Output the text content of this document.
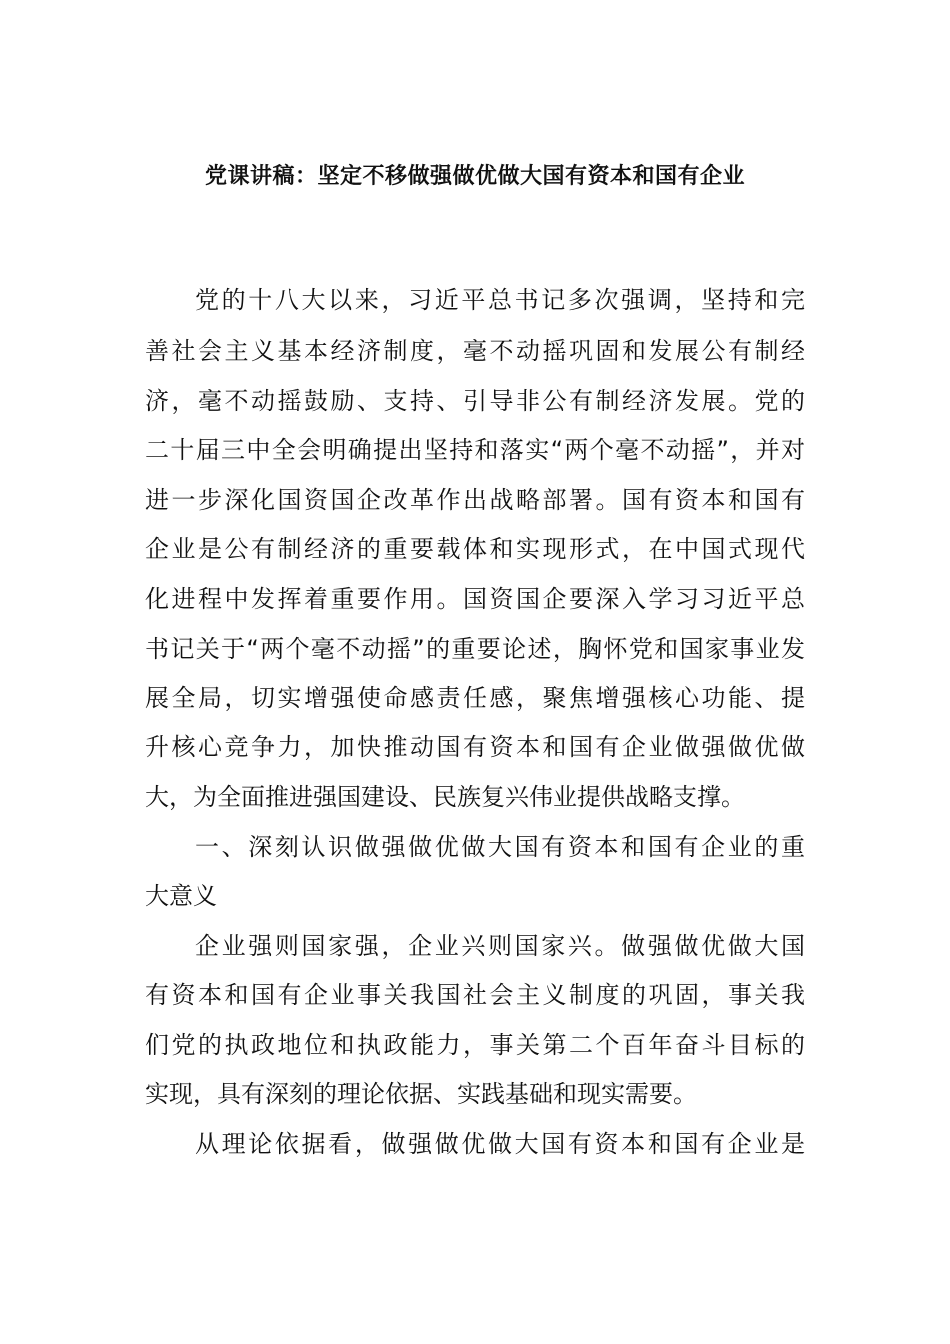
党课讲稿：坚定不移做强做优做大国有资本和国有企业

党的十八大以来，习近平总书记多次强调，坚持和完

善社会主义基本经济制度，毫不动摇巩固和发展公有制经

济，毫不动摇鼓励、支持、引导非公有制经济发展。党的

二十届三中全会明确提出坚持和落实“两个毫不动摇”，并对

进一步深化国资国企改革作出战略部署。国有资本和国有

企业是公有制经济的重要载体和实现形式，在中国式现代

化进程中发挥着重要作用。国资国企要深入学习习近平总

书记关于“两个毫不动摇”的重要论述，胸怀党和国家事业发

展全局，切实增强使命感责任感，聚焦增强核心功能、提

升核心竞争力，加快推动国有资本和国有企业做强做优做

大，为全面推进强国建设、民族复兴伟业提供战略支撑。

一、深刻认识做强做优做大国有资本和国有企业的重

大意义

企业强则国家强，企业兴则国家兴。做强做优做大国

有资本和国有企业事关我国社会主义制度的巩固，事关我

们党的执政地位和执政能力，事关第二个百年奋斗目标的

实现，具有深刻的理论依据、实践基础和现实需要。

从理论依据看，做强做优做大国有资本和国有企业是
